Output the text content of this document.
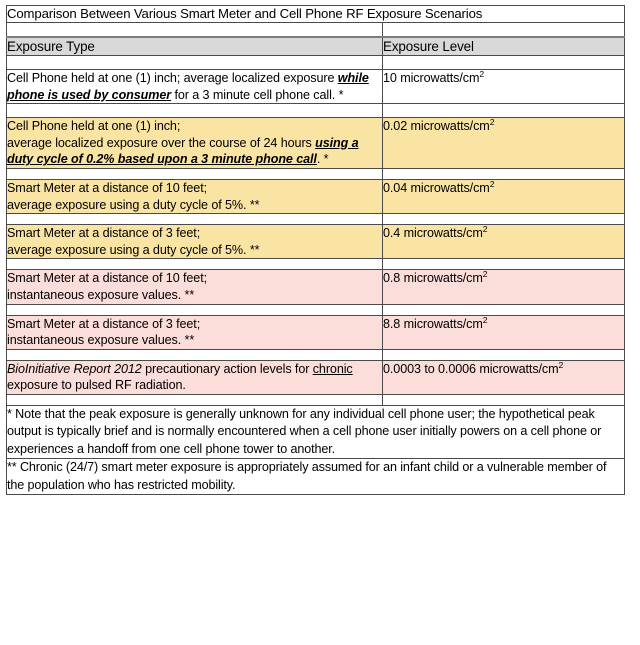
Comparison Between Various Smart Meter and Cell Phone RF Exposure Scenarios	

Exposure Type	Exposure Level

Cell Phone held at one (1) inch; average localized exposure while phone is used by consumer for a 3 minute cell phone call. *	10 microwatts/$cm^2$

Cell Phone held at one (1) inch;
average localized exposure over the course of 24 hours using a duty cycle of 0.2% based upon a 3 minute phone call. *	0.02 microwatts/$cm^2$

Smart Meter at a distance of 10 feet;
average exposure using a duty cycle of 5%. **	0.04 microwatts/$cm^2$

Smart Meter at a distance of 3 feet;
average exposure using a duty cycle of 5%. **	0.4 microwatts/$cm^2$

Smart Meter at a distance of 10 feet;
instantaneous exposure values. **	0.8 microwatts/$cm^2$

Smart Meter at a distance of 3 feet;
instantaneous exposure values. **	8.8 microwatts/$cm^2$

BioInitiative Report 2012 precautionary action levels for chronic exposure to pulsed RF radiation.	0.0003 to 0.0006 microwatts/$cm^2$

* Note that the peak exposure is generally unknown for any individual cell phone user; the hypothetical peak output is typically brief and is normally encountered when a cell phone user initially powers on a cell phone or experiences a handoff from one cell phone tower to another.	
** Chronic (24/7) smart meter exposure is appropriately assumed for an infant child or a vulnerable member of the population who has restricted mobility.	
